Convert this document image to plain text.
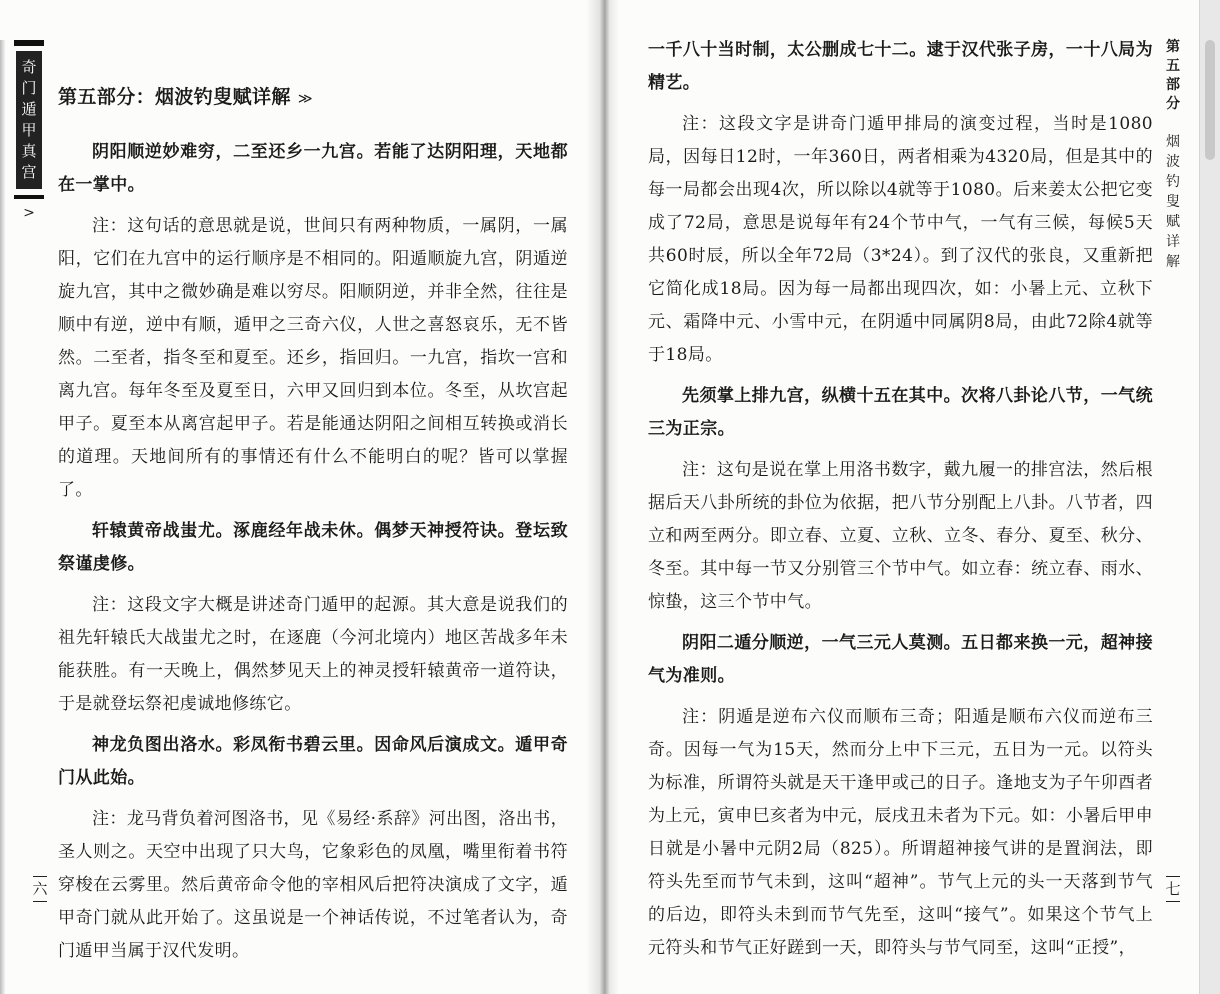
奇
门
遁
甲
真
宫
>
第五部分：烟波钓叟赋详解 ≫

阴阳顺逆妙难穷，二至还乡一九宫。若能了达阴阳理，天地都在一掌中。

注：这句话的意思就是说，世间只有两种物质，一属阴，一属阳，它们在九宫中的运行顺序是不相同的。阳遁顺旋九宫，阴遁逆旋九宫，其中之微妙确是难以穷尽。阳顺阴逆，并非全然，往往是顺中有逆，逆中有顺，遁甲之三奇六仪，人世之喜怒哀乐，无不皆然。二至者，指冬至和夏至。还乡，指回归。一九宫，指坎一宫和离九宫。每年冬至及夏至日，六甲又回归到本位。冬至，从坎宫起甲子。夏至本从离宫起甲子。若是能通达阴阳之间相互转换或消长的道理。天地间所有的事情还有什么不能明白的呢？皆可以掌握了。

轩辕黄帝战蚩尤。涿鹿经年战未休。偶梦天神授符诀。登坛致祭谨虔修。

注：这段文字大概是讲述奇门遁甲的起源。其大意是说我们的祖先轩辕氏大战蚩尤之时，在逐鹿（今河北境内）地区苦战多年未能获胜。有一天晚上，偶然梦见天上的神灵授轩辕黄帝一道符诀，于是就登坛祭祀虔诚地修练它。

神龙负图出洛水。彩凤衔书碧云里。因命风后演成文。遁甲奇门从此始。

注：龙马背负着河图洛书，见《易经·系辞》河出图，洛出书，圣人则之。天空中出现了只大鸟，它象彩色的凤凰，嘴里衔着书符穿梭在云雾里。然后黄帝命令他的宰相风后把符决演成了文字，遁甲奇门就从此开始了。这虽说是一个神话传说，不过笔者认为，奇门遁甲当属于汉代发明。

六

一千八十当时制，太公删成七十二。逮于汉代张子房，一十八局为精艺。

注：这段文字是讲奇门遁甲排局的演变过程，当时是1080局，因每日12时，一年360日，两者相乘为4320局，但是其中的每一局都会出现4次，所以除以4就等于1080。后来姜太公把它变成了72局，意思是说每年有24个节中气，一气有三候，每候5天共60时辰，所以全年72局（3*24）。到了汉代的张良，又重新把它简化成18局。因为每一局都出现四次，如：小暑上元、立秋下元、霜降中元、小雪中元，在阴遁中同属阴8局，由此72除4就等于18局。

先须掌上排九宫，纵横十五在其中。次将八卦论八节，一气统三为正宗。

注：这句是说在掌上用洛书数字，戴九履一的排宫法，然后根据后天八卦所统的卦位为依据，把八节分别配上八卦。八节者，四立和两至两分。即立春、立夏、立秋、立冬、春分、夏至、秋分、冬至。其中每一节又分别管三个节中气。如立春：统立春、雨水、惊蛰，这三个节中气。

阴阳二遁分顺逆，一气三元人莫测。五日都来换一元，超神接气为准则。

注：阴遁是逆布六仪而顺布三奇；阳遁是顺布六仪而逆布三奇。因每一气为15天，然而分上中下三元，五日为一元。以符头为标准，所谓符头就是天干逢甲或己的日子。逢地支为子午卯酉者为上元，寅申巳亥者为中元，辰戌丑未者为下元。如：小暑后甲申日就是小暑中元阴2局（825）。所谓超神接气讲的是置润法，即符头先至而节气未到，这叫“超神”。节气上元的头一天落到节气的后边，即符头未到而节气先至，这叫“接气”。如果这个节气上元符头和节气正好蹉到一天，即符头与节气同至，这叫“正授”，

第
五
部
分
烟
波
钓
叟
赋
详
解
七
